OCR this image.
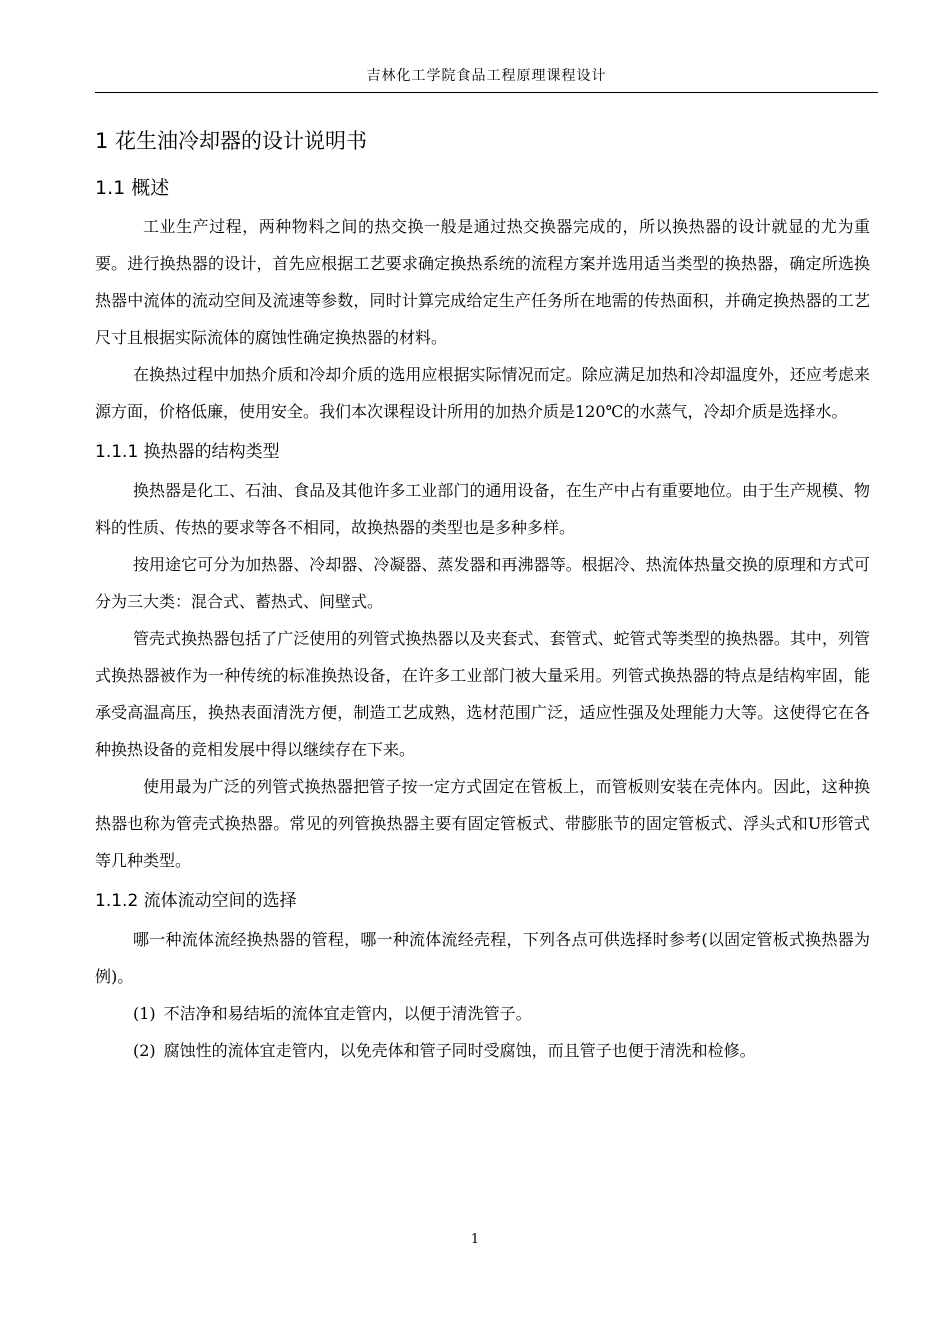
吉林化工学院食品工程原理课程设计
1 花生油冷却器的设计说明书
1.1 概述

工业生产过程，两种物料之间的热交换一般是通过热交换器完成的，所以换热器的设计就显的尤为重要。进行换热器的设计，首先应根据工艺要求确定换热系统的流程方案并选用适当类型的换热器，确定所选换热器中流体的流动空间及流速等参数，同时计算完成给定生产任务所在地需的传热面积，并确定换热器的工艺尺寸且根据实际流体的腐蚀性确定换热器的材料。

在换热过程中加热介质和冷却介质的选用应根据实际情况而定。除应满足加热和冷却温度外，还应考虑来源方面，价格低廉，使用安全。我们本次课程设计所用的加热介质是120℃的水蒸气，冷却介质是选择水。

1.1.1 换热器的结构类型

换热器是化工、石油、食品及其他许多工业部门的通用设备，在生产中占有重要地位。由于生产规模、物料的性质、传热的要求等各不相同，故换热器的类型也是多种多样。

按用途它可分为加热器、冷却器、冷凝器、蒸发器和再沸器等。根据冷、热流体热量交换的原理和方式可分为三大类：混合式、蓄热式、间壁式。

管壳式换热器包括了广泛使用的列管式换热器以及夹套式、套管式、蛇管式等类型的换热器。其中，列管式换热器被作为一种传统的标准换热设备，在许多工业部门被大量采用。列管式换热器的特点是结构牢固，能承受高温高压，换热表面清洗方便，制造工艺成熟，选材范围广泛，适应性强及处理能力大等。这使得它在各种换热设备的竞相发展中得以继续存在下来。

使用最为广泛的列管式换热器把管子按一定方式固定在管板上，而管板则安装在壳体内。因此，这种换热器也称为管壳式换热器。常见的列管换热器主要有固定管板式、带膨胀节的固定管板式、浮头式和U形管式等几种类型。

1.1.2 流体流动空间的选择

哪一种流体流经换热器的管程，哪一种流体流经壳程，下列各点可供选择时参考(以固定管板式换热器为例)。

(1) 不洁净和易结垢的流体宜走管内，以便于清洗管子。

(2) 腐蚀性的流体宜走管内，以免壳体和管子同时受腐蚀，而且管子也便于清洗和检修。

1
